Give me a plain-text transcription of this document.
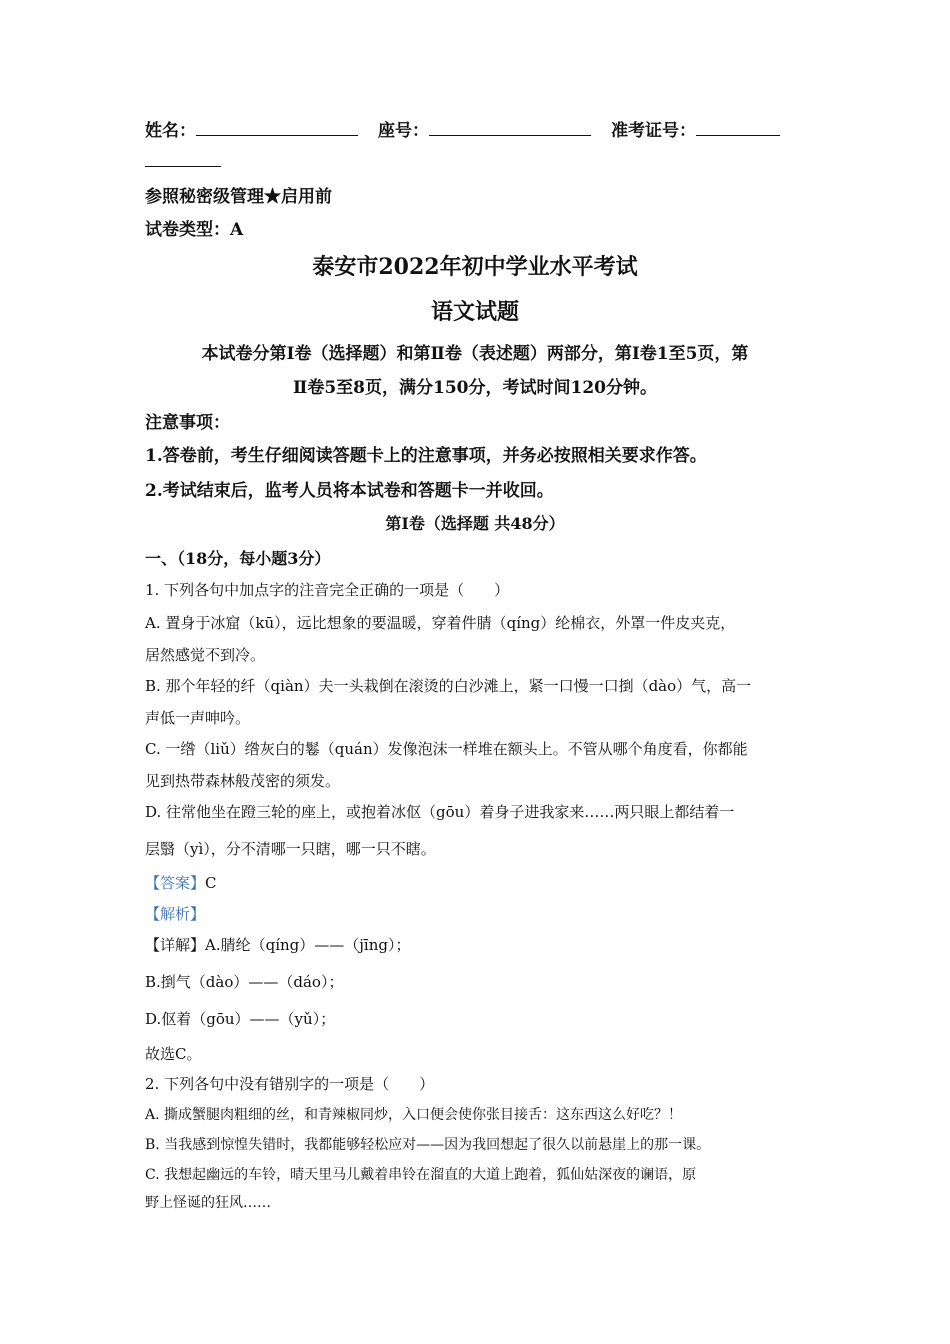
姓名：	座号：	准考证号：
参照秘密级管理★启用前
试卷类型：A
泰安市2022年初中学业水平考试
语文试题
本试卷分第Ⅰ卷（选择题）和第Ⅱ卷（表述题）两部分，第Ⅰ卷1至5页，第
Ⅱ卷5至8页，满分150分，考试时间120分钟。
注意事项：
1.答卷前，考生仔细阅读答题卡上的注意事项，并务必按照相关要求作答。
2.考试结束后，监考人员将本试卷和答题卡一并收回。
第Ⅰ卷（选择题 共48分）
一、（18分，每小题3分）
1. 下列各句中加点字的注音完全正确的一项是（　　）
A. 置身于冰窟（kū），远比想象的要温暖，穿着件腈（qíng）纶棉衣，外罩一件皮夹克，
居然感觉不到冷。
B. 那个年轻的纤（qiàn）夫一头栽倒在滚烫的白沙滩上，紧一口慢一口捯（dào）气，高一
声低一声呻吟。
C. 一绺（liǔ）绺灰白的鬈（quán）发像泡沫一样堆在额头上。不管从哪个角度看，你都能
见到热带森林般茂密的须发。
D. 往常他坐在蹬三轮的座上，或抱着冰伛（gōu）着身子进我家来……两只眼上都结着一
层翳（yì），分不清哪一只瞎，哪一只不瞎。
【答案】C
【解析】
【详解】A.腈纶（qíng）——（jīng）；
B.捯气（dào）——（dáo）；
D.伛着（gōu）——（yǔ）；
故选C。
2. 下列各句中没有错别字的一项是（　　）
A. 撕成蟹腿肉粗细的丝，和青辣椒同炒，入口便会使你张目接舌：这东西这么好吃？！
B. 当我感到惊惶失错时，我都能够轻松应对——因为我回想起了很久以前悬崖上的那一课。
C. 我想起幽远的车铃，晴天里马儿戴着串铃在溜直的大道上跑着，狐仙姑深夜的谰语，原
野上怪诞的狂风……
